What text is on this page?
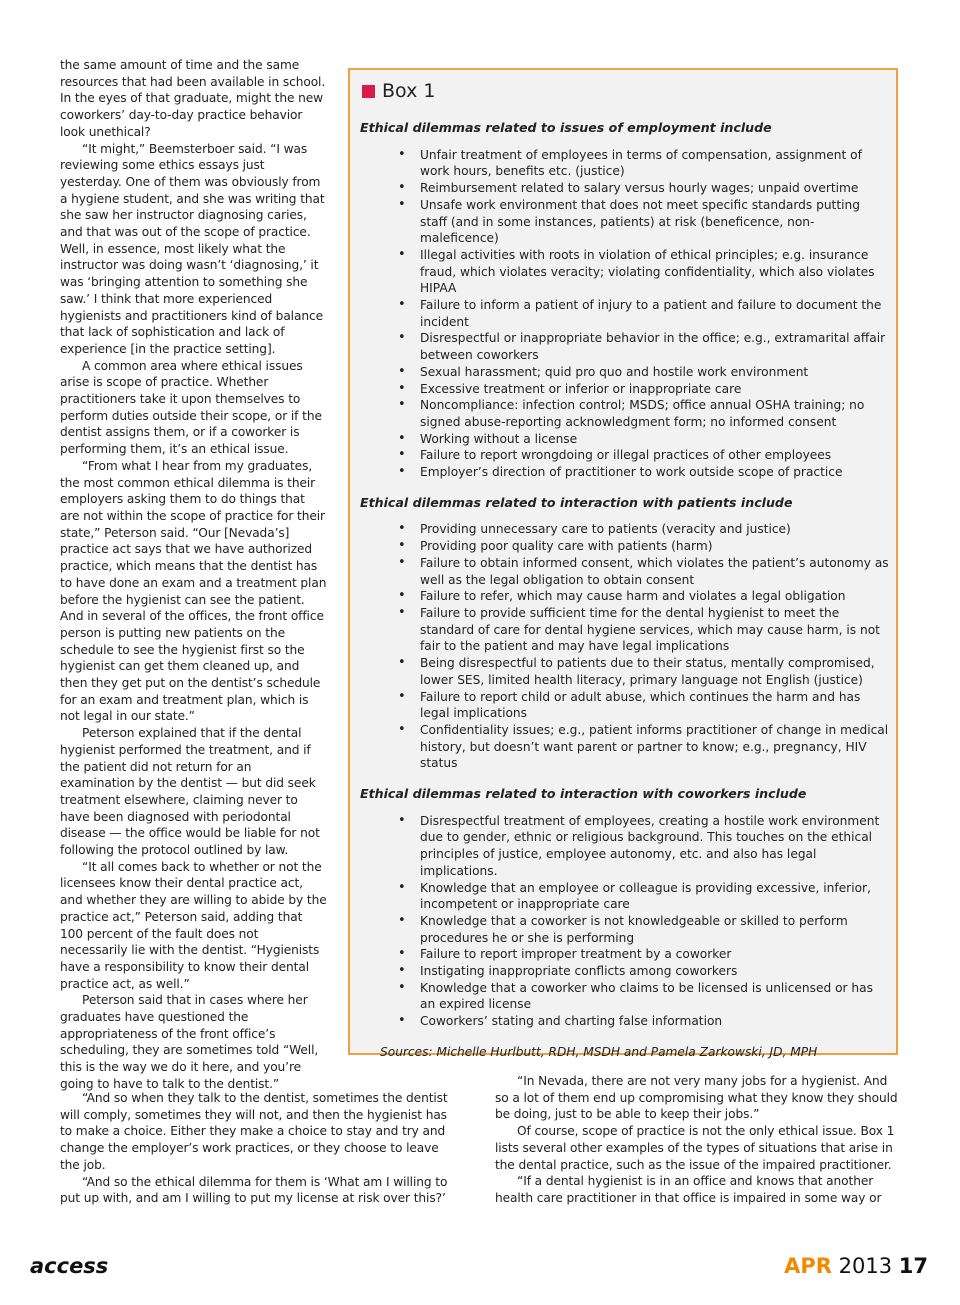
the same amount of time and the same resources that had been available in school. In the eyes of that graduate, might the new coworkers’ day-to-day practice behavior look unethical?

“It might,” Beemsterboer said. “I was reviewing some ethics essays just yesterday. One of them was obviously from a hygiene student, and she was writing that she saw her instructor diagnosing caries, and that was out of the scope of practice. Well, in essence, most likely what the instructor was doing wasn’t ‘diagnosing,’ it was ‘bringing attention to something she saw.’ I think that more experienced hygienists and practitioners kind of balance that lack of sophistication and lack of experience [in the practice setting].

A common area where ethical issues arise is scope of practice. Whether practitioners take it upon themselves to perform duties outside their scope, or if the dentist assigns them, or if a coworker is performing them, it’s an ethical issue.

“From what I hear from my graduates, the most common ethical dilemma is their employers asking them to do things that are not within the scope of practice for their state,” Peterson said. “Our [Nevada’s] practice act says that we have authorized practice, which means that the dentist has to have done an exam and a treatment plan before the hygienist can see the patient. And in several of the offices, the front office person is putting new patients on the schedule to see the hygienist first so the hygienist can get them cleaned up, and then they get put on the dentist’s schedule for an exam and treatment plan, which is not legal in our state.”

Peterson explained that if the dental hygienist performed the treatment, and if the patient did not return for an examination by the dentist — but did seek treatment elsewhere, claiming never to have been diagnosed with periodontal disease — the office would be liable for not following the protocol outlined by law.

“It all comes back to whether or not the licensees know their dental practice act, and whether they are willing to abide by the practice act,” Peterson said, adding that 100 percent of the fault does not necessarily lie with the dentist. “Hygienists have a responsibility to know their dental practice act, as well.”

Peterson said that in cases where her graduates have questioned the appropriateness of the front office’s scheduling, they are sometimes told “Well, this is the way we do it here, and you’re going to have to talk to the dentist.”

Box 1
Ethical dilemmas related to issues of employment include
• Unfair treatment of employees in terms of compensation, assignment of work hours, benefits etc. (justice)
• Reimbursement related to salary versus hourly wages; unpaid overtime
• Unsafe work environment that does not meet specific standards putting staff (and in some instances, patients) at risk (beneficence, non-maleficence)
• Illegal activities with roots in violation of ethical principles; e.g. insurance fraud, which violates veracity; violating confidentiality, which also violates HIPAA
• Failure to inform a patient of injury to a patient and failure to document the incident
• Disrespectful or inappropriate behavior in the office; e.g., extramarital affair between coworkers
• Sexual harassment; quid pro quo and hostile work environment
• Excessive treatment or inferior or inappropriate care
• Noncompliance: infection control; MSDS; office annual OSHA training; no signed abuse-reporting acknowledgment form; no informed consent
• Working without a license
• Failure to report wrongdoing or illegal practices of other employees
• Employer’s direction of practitioner to work outside scope of practice
Ethical dilemmas related to interaction with patients include
• Providing unnecessary care to patients (veracity and justice)
• Providing poor quality care with patients (harm)
• Failure to obtain informed consent, which violates the patient’s autonomy as well as the legal obligation to obtain consent
• Failure to refer, which may cause harm and violates a legal obligation
• Failure to provide sufficient time for the dental hygienist to meet the standard of care for dental hygiene services, which may cause harm, is not fair to the patient and may have legal implications
• Being disrespectful to patients due to their status, mentally compromised, lower SES, limited health literacy, primary language not English (justice)
• Failure to report child or adult abuse, which continues the harm and has legal implications
• Confidentiality issues; e.g., patient informs practitioner of change in medical history, but doesn’t want parent or partner to know; e.g., pregnancy, HIV status
Ethical dilemmas related to interaction with coworkers include
• Disrespectful treatment of employees, creating a hostile work environment due to gender, ethnic or religious background. This touches on the ethical principles of justice, employee autonomy, etc. and also has legal implications.
• Knowledge that an employee or colleague is providing excessive, inferior, incompetent or inappropriate care
• Knowledge that a coworker is not knowledgeable or skilled to perform procedures he or she is performing
• Failure to report improper treatment by a coworker
• Instigating inappropriate conflicts among coworkers
• Knowledge that a coworker who claims to be licensed is unlicensed or has an expired license
• Coworkers’ stating and charting false information
Sources: Michelle Hurlbutt, RDH, MSDH and Pamela Zarkowski, JD, MPH

“And so when they talk to the dentist, sometimes the dentist will comply, sometimes they will not, and then the hygienist has to make a choice. Either they make a choice to stay and try and change the employer’s work practices, or they choose to leave the job.

“And so the ethical dilemma for them is ‘What am I willing to put up with, and am I willing to put my license at risk over this?’

“In Nevada, there are not very many jobs for a hygienist. And so a lot of them end up compromising what they know they should be doing, just to be able to keep their jobs.”

Of course, scope of practice is not the only ethical issue. Box 1 lists several other examples of the types of situations that arise in the dental practice, such as the issue of the impaired practitioner.

“If a dental hygienist is in an office and knows that another health care practitioner in that office is impaired in some way or

access	APR 2013 17
